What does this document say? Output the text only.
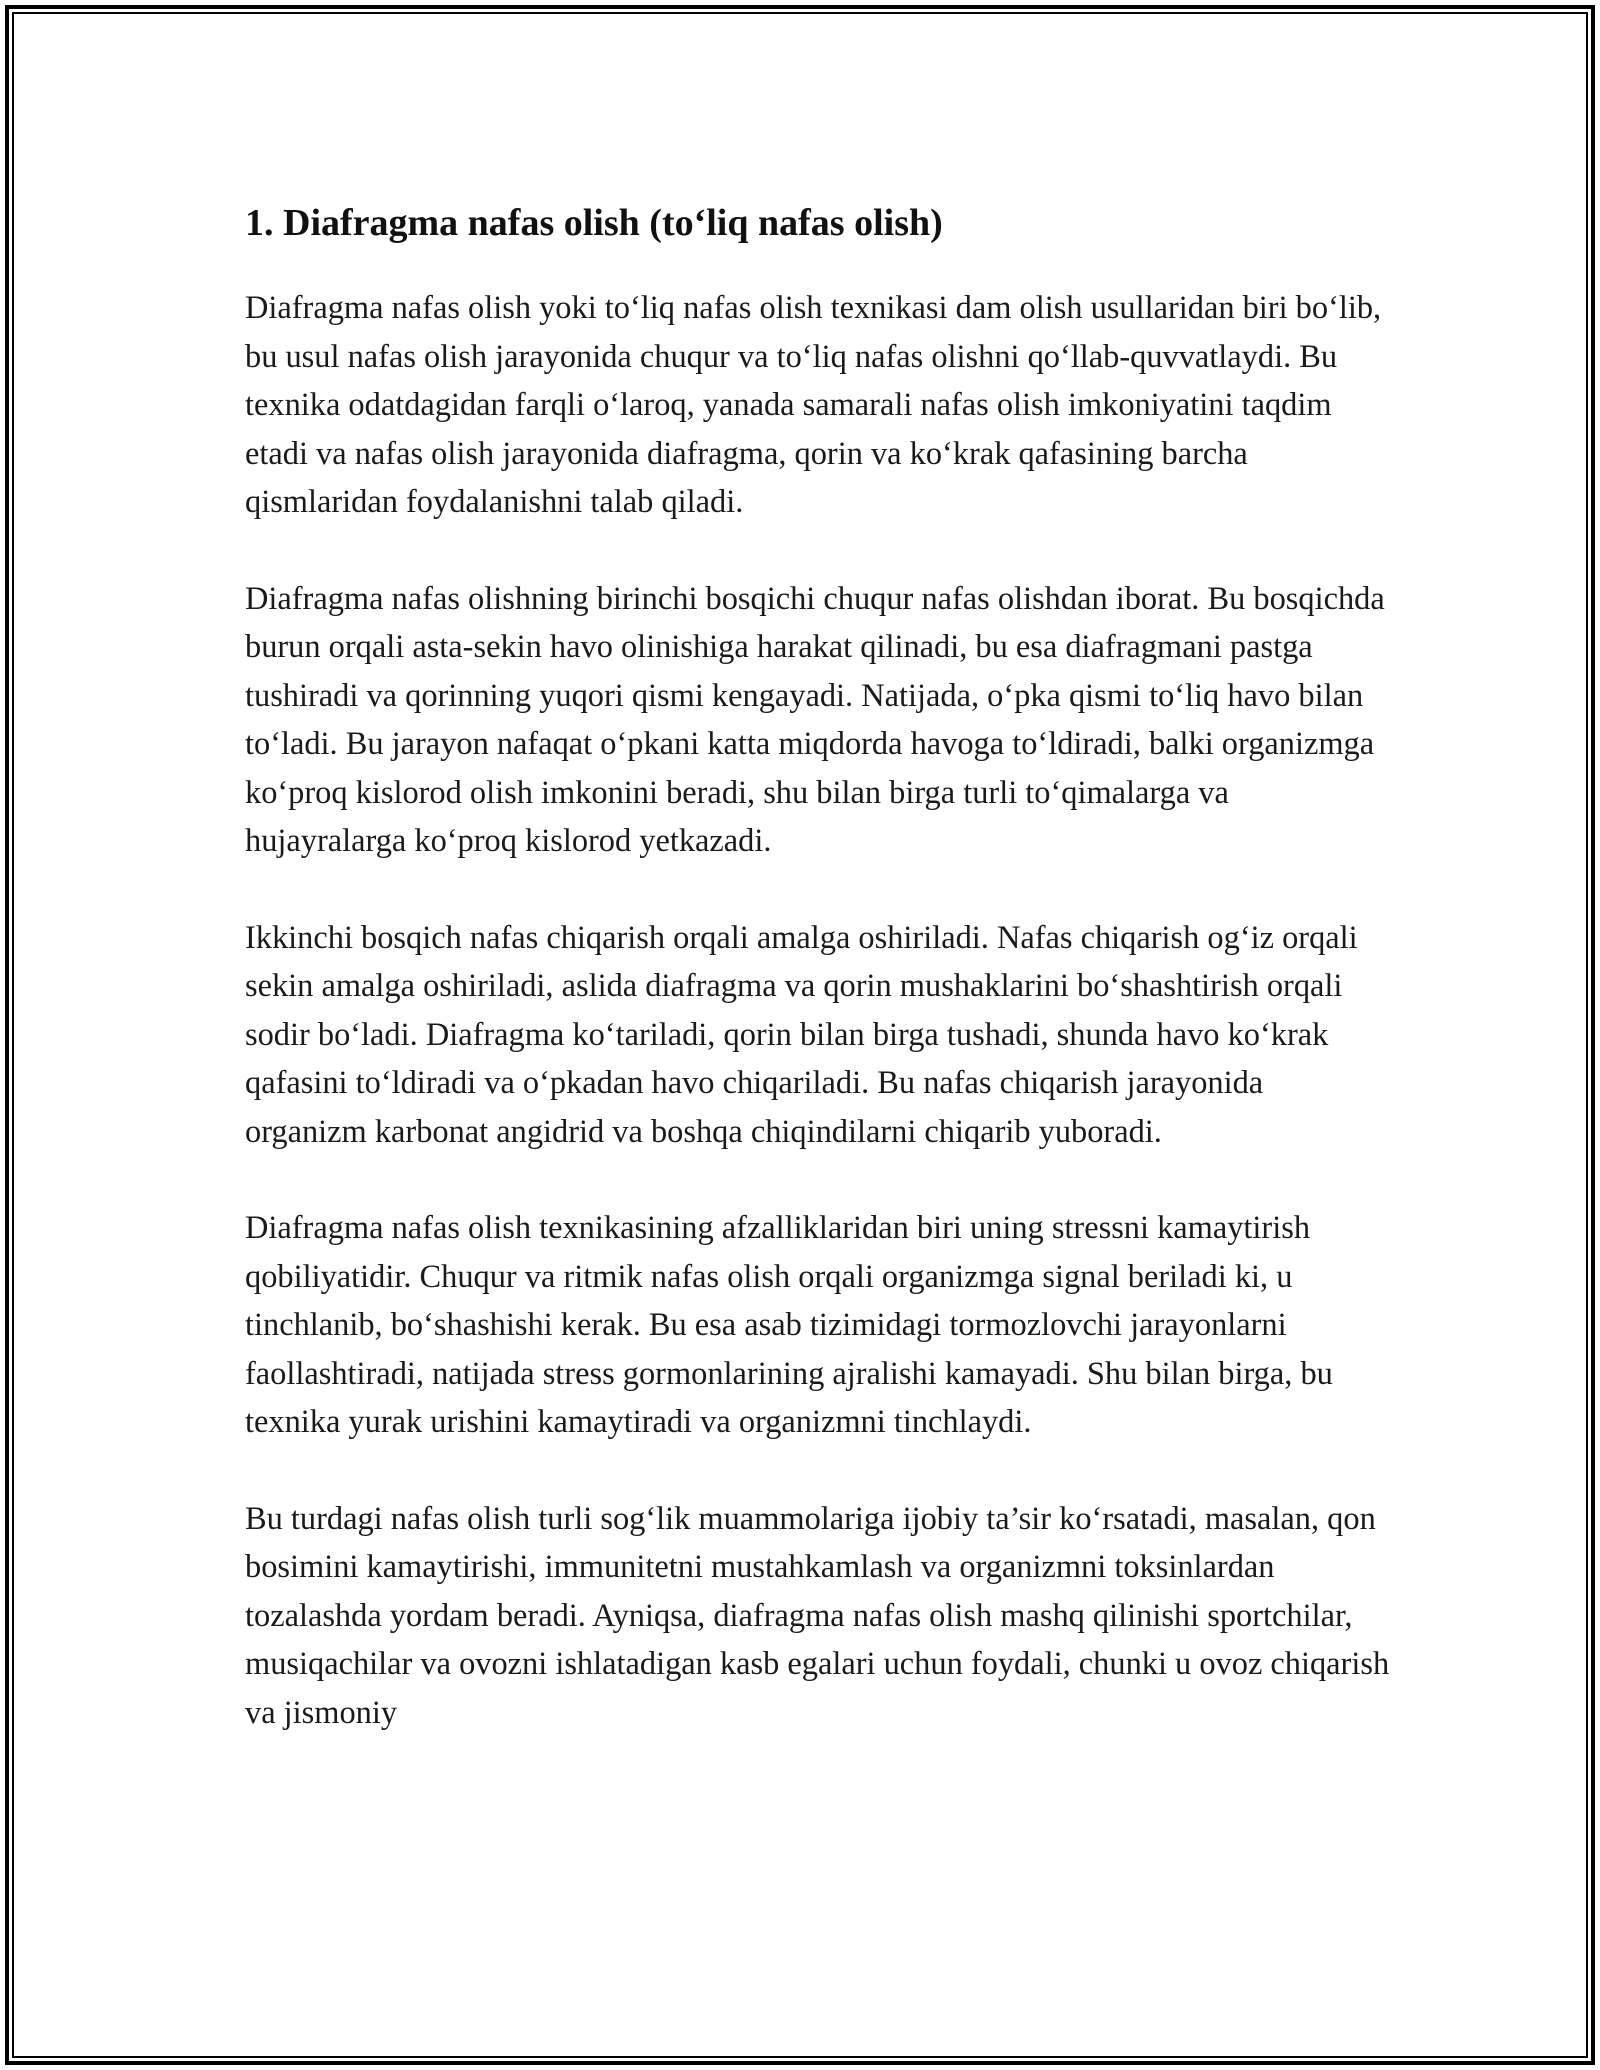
1. Diafragma nafas olish (to‘liq nafas olish)

Diafragma nafas olish yoki to‘liq nafas olish texnikasi dam olish usullaridan biri bo‘lib, bu usul nafas olish jarayonida chuqur va to‘liq nafas olishni qo‘llab-quvvatlaydi. Bu texnika odatdagidan farqli o‘laroq, yanada samarali nafas olish imkoniyatini taqdim etadi va nafas olish jarayonida diafragma, qorin va ko‘krak qafasining barcha qismlaridan foydalanishni talab qiladi.

Diafragma nafas olishning birinchi bosqichi chuqur nafas olishdan iborat. Bu bosqichda burun orqali asta-sekin havo olinishiga harakat qilinadi, bu esa diafragmani pastga tushiradi va qorinning yuqori qismi kengayadi. Natijada, o‘pka qismi to‘liq havo bilan to‘ladi. Bu jarayon nafaqat o‘pkani katta miqdorda havoga to‘ldiradi, balki organizmga ko‘proq kislorod olish imkonini beradi, shu bilan birga turli to‘qimalarga va hujayralarga ko‘proq kislorod yetkazadi.

Ikkinchi bosqich nafas chiqarish orqali amalga oshiriladi. Nafas chiqarish og‘iz orqali sekin amalga oshiriladi, aslida diafragma va qorin mushaklarini bo‘shashtirish orqali sodir bo‘ladi. Diafragma ko‘tariladi, qorin bilan birga tushadi, shunda havo ko‘krak qafasini to‘ldiradi va o‘pkadan havo chiqariladi. Bu nafas chiqarish jarayonida organizm karbonat angidrid va boshqa chiqindilarni chiqarib yuboradi.

Diafragma nafas olish texnikasining afzalliklaridan biri uning stressni kamaytirish qobiliyatidir. Chuqur va ritmik nafas olish orqali organizmga signal beriladi ki, u tinchlanib, bo‘shashishi kerak. Bu esa asab tizimidagi tormozlovchi jarayonlarni faollashtiradi, natijada stress gormonlarining ajralishi kamayadi. Shu bilan birga, bu texnika yurak urishini kamaytiradi va organizmni tinchlaydi.

Bu turdagi nafas olish turli sog‘lik muammolariga ijobiy ta’sir ko‘rsatadi, masalan, qon bosimini kamaytirishi, immunitetni mustahkamlash va organizmni toksinlardan tozalashda yordam beradi. Ayniqsa, diafragma nafas olish mashq qilinishi sportchilar, musiqachilar va ovozni ishlatadigan kasb egalari uchun foydali, chunki u ovoz chiqarish va jismoniy
